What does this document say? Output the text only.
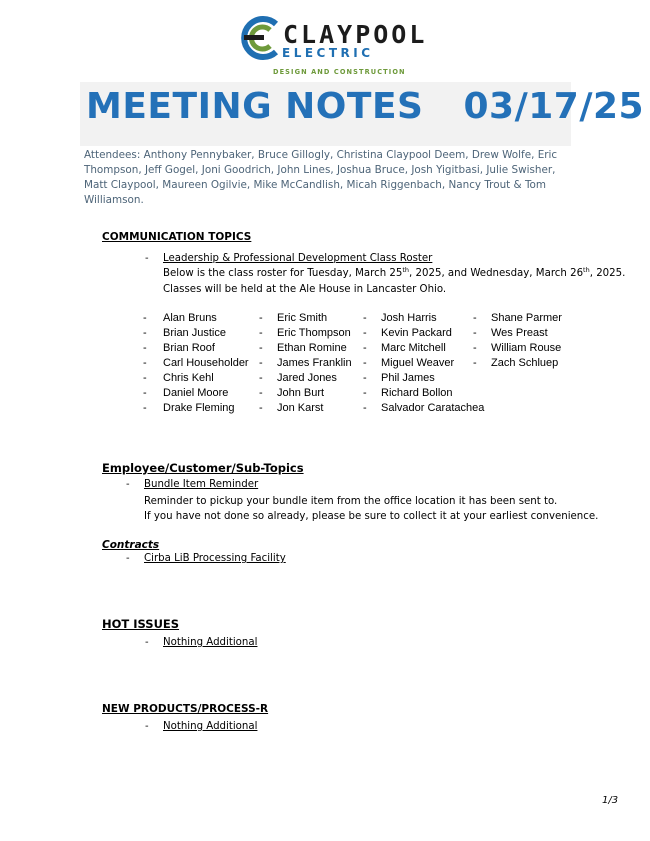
CLAYPOOL
ELECTRIC
DESIGN AND CONSTRUCTION
MEETING NOTES 03/17/25
Attendees: Anthony Pennybaker, Bruce Gillogly, Christina Claypool Deem, Drew Wolfe, Eric Thompson, Jeff Gogel, Joni Goodrich, John Lines, Joshua Bruce, Josh Yigitbasi, Julie Swisher, Matt Claypool, Maureen Ogilvie, Mike McCandlish, Micah Riggenbach, Nancy Trout & Tom Williamson.
COMMUNICATION TOPICS
- Leadership & Professional Development Class Roster
Below is the class roster for Tuesday, March 25th, 2025, and Wednesday, March 26th, 2025.
Classes will be held at the Ale House in Lancaster Ohio.
- Alan Bruns	- Eric Smith	- Josh Harris	- Shane Parmer
- Brian Justice	- Eric Thompson - Kevin Packard - Wes Preast
- Brian Roof	- Ethan Romine - Marc Mitchell - William Rouse
- Carl Householder - James Franklin - Miguel Weaver - Zach Schluep
- Chris Kehl	- Jared Jones - Phil James
- Daniel Moore	- John Burt	- Richard Bollon
- Drake Fleming - Jon Karst	- Salvador Caratachea
Employee/Customer/Sub-Topics
- Bundle Item Reminder
Reminder to pickup your bundle item from the office location it has been sent to.
If you have not done so already, please be sure to collect it at your earliest convenience.
Contracts
- Cirba LiB Processing Facility
HOT ISSUES
- Nothing Additional
NEW PRODUCTS/PROCESS-R
- Nothing Additional
1/3
